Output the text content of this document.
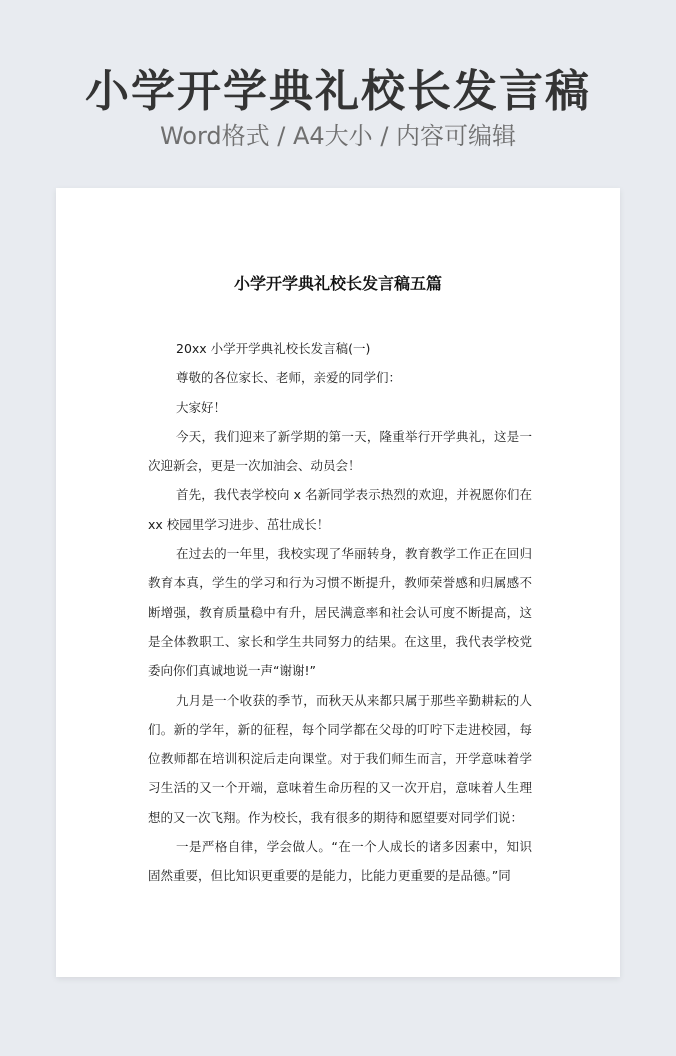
小学开学典礼校长发言稿
Word格式 / A4大小 / 内容可编辑
小学开学典礼校长发言稿五篇

20xx 小学开学典礼校长发言稿(一)

尊敬的各位家长、老师，亲爱的同学们：

大家好！

今天，我们迎来了新学期的第一天，隆重举行开学典礼，这是一次迎新会，更是一次加油会、动员会！

首先，我代表学校向 x 名新同学表示热烈的欢迎，并祝愿你们在 xx 校园里学习进步、茁壮成长！

在过去的一年里，我校实现了华丽转身，教育教学工作正在回归教育本真，学生的学习和行为习惯不断提升，教师荣誉感和归属感不断增强，教育质量稳中有升，居民满意率和社会认可度不断提高，这是全体教职工、家长和学生共同努力的结果。在这里，我代表学校党委向你们真诚地说一声“谢谢!”

九月是一个收获的季节，而秋天从来都只属于那些辛勤耕耘的人们。新的学年，新的征程，每个同学都在父母的叮咛下走进校园，每位教师都在培训积淀后走向课堂。对于我们师生而言，开学意味着学习生活的又一个开端，意味着生命历程的又一次开启，意味着人生理想的又一次飞翔。作为校长，我有很多的期待和愿望要对同学们说：

一是严格自律，学会做人。“在一个人成长的诸多因素中，知识固然重要，但比知识更重要的是能力，比能力更重要的是品德。”同
